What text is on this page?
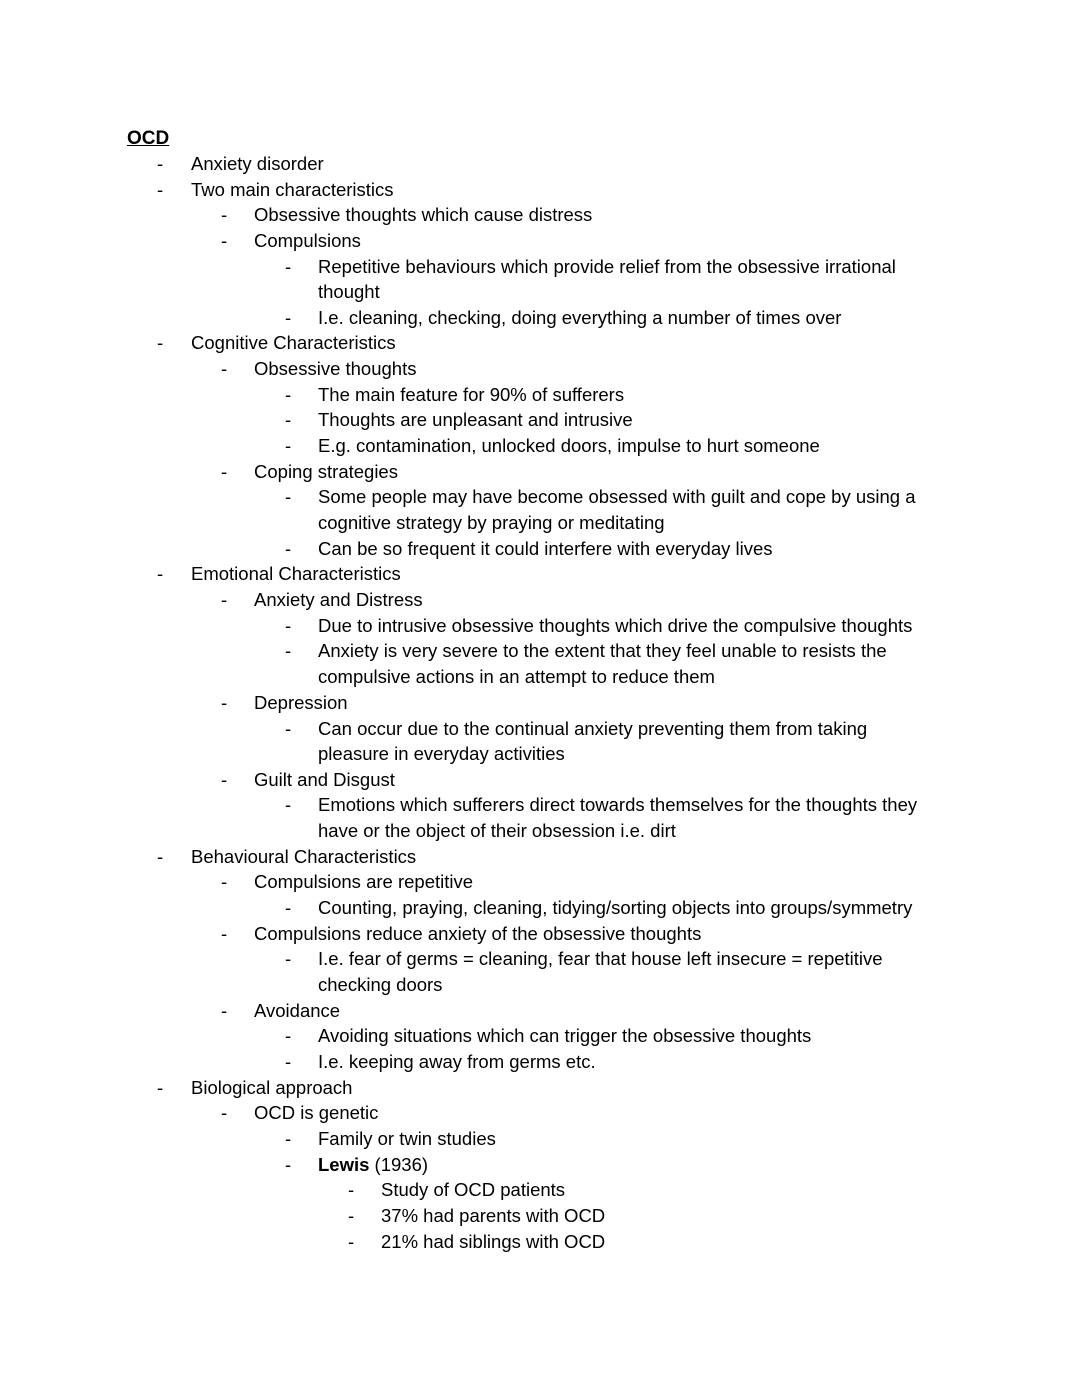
OCD
- Anxiety disorder
- Two main characteristics
- Obsessive thoughts which cause distress
- Compulsions
- Repetitive behaviours which provide relief from the obsessive irrational
thought
- I.e. cleaning, checking, doing everything a number of times over
- Cognitive Characteristics
- Obsessive thoughts
- The main feature for 90% of sufferers
- Thoughts are unpleasant and intrusive
- E.g. contamination, unlocked doors, impulse to hurt someone
- Coping strategies
- Some people may have become obsessed with guilt and cope by using a
cognitive strategy by praying or meditating
- Can be so frequent it could interfere with everyday lives
- Emotional Characteristics
- Anxiety and Distress
- Due to intrusive obsessive thoughts which drive the compulsive thoughts
- Anxiety is very severe to the extent that they feel unable to resists the
compulsive actions in an attempt to reduce them
- Depression
- Can occur due to the continual anxiety preventing them from taking
pleasure in everyday activities
- Guilt and Disgust
- Emotions which sufferers direct towards themselves for the thoughts they
have or the object of their obsession i.e. dirt
- Behavioural Characteristics
- Compulsions are repetitive
- Counting, praying, cleaning, tidying/sorting objects into groups/symmetry
- Compulsions reduce anxiety of the obsessive thoughts
- I.e. fear of germs = cleaning, fear that house left insecure = repetitive
checking doors
- Avoidance
- Avoiding situations which can trigger the obsessive thoughts
- I.e. keeping away from germs etc.
- Biological approach
- OCD is genetic
- Family or twin studies
- Lewis (1936)
- Study of OCD patients
- 37% had parents with OCD
- 21% had siblings with OCD
